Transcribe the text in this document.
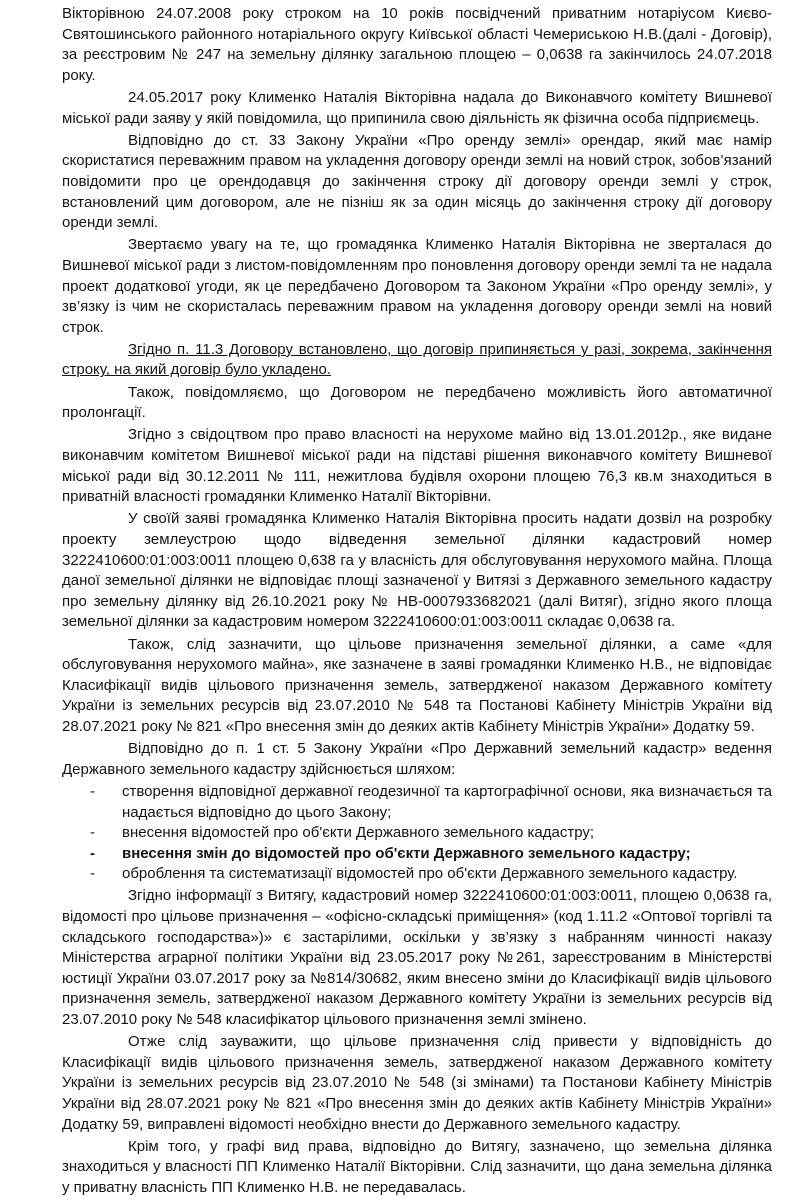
Вікторівною 24.07.2008 року строком на 10 років посвідчений приватним нотаріусом Києво-Святошинського районного нотаріального округу Київської області Чемериською Н.В.(далі - Договір), за реєстровим № 247 на земельну ділянку загальною площею – 0,0638 га закінчилось 24.07.2018 року.

24.05.2017 року Клименко Наталія Вікторівна надала до Виконавчого комітету Вишневої міської ради заяву у якій повідомила, що припинила свою діяльність як фізична особа підприємець.

Відповідно до ст. 33 Закону України «Про оренду землі» орендар, який має намір скористатися переважним правом на укладення договору оренди землі на новий строк, зобов’язаний повідомити про це орендодавця до закінчення строку дії договору оренди землі у строк, встановлений цим договором, але не пізніш як за один місяць до закінчення строку дії договору оренди землі.

Звертаємо увагу на те, що громадянка Клименко Наталія Вікторівна не зверталася до Вишневої міської ради з листом-повідомленням про поновлення договору оренди землі та не надала проект додаткової угоди, як це передбачено Договором та Законом України «Про оренду землі», у зв’язку із чим не скористалась переважним правом на укладення договору оренди землі на новий строк.

Згідно п. 11.3 Договору встановлено, що договір припиняється у разі, зокрема, закінчення строку, на який договір було укладено.

Також, повідомляємо, що Договором не передбачено можливість його автоматичної пролонгації.

Згідно з свідоцтвом про право власності на нерухоме майно від 13.01.2012р., яке видане виконавчим комітетом Вишневої міської ради на підставі рішення виконавчого комітету Вишневої міської ради від 30.12.2011 № 111, нежитлова будівля охорони площею 76,3 кв.м знаходиться в приватній власності громадянки Клименко Наталії Вікторівни.

У своїй заяві громадянка Клименко Наталія Вікторівна просить надати дозвіл на розробку проекту землеустрою щодо відведення земельної ділянки кадастровий номер 3222410600:01:003:0011 площею 0,638 га у власність для обслуговування нерухомого майна. Площа даної земельної ділянки не відповідає площі зазначеної у Витязі з Державного земельного кадастру про земельну ділянку від 26.10.2021 року № НВ-0007933682021 (далі Витяг), згідно якого площа земельної ділянки за кадастровим номером 3222410600:01:003:0011 складає 0,0638 га.

Також, слід зазначити, що цільове призначення земельної ділянки, а саме «для обслуговування нерухомого майна», яке зазначене в заяві громадянки Клименко Н.В., не відповідає Класифікації видів цільового призначення земель, затвердженої наказом Державного комітету України із земельних ресурсів від 23.07.2010 № 548 та Постанові Кабінету Міністрів України від 28.07.2021 року № 821 «Про внесення змін до деяких актів Кабінету Міністрів України» Додатку 59.

Відповідно до п. 1 ст. 5 Закону України «Про Державний земельний кадастр» ведення Державного земельного кадастру здійснюється шляхом:

- створення відповідної державної геодезичної та картографічної основи, яка визначається та надається відповідно до цього Закону;
- внесення відомостей про об'єкти Державного земельного кадастру;
- внесення змін до відомостей про об'єкти Державного земельного кадастру;
- оброблення та систематизації відомостей про об'єкти Державного земельного кадастру.

Згідно інформації з Витягу, кадастровий номер 3222410600:01:003:0011, площею 0,0638 га, відомості про цільове призначення – «офісно-складські приміщення» (код 1.11.2 «Оптової торгівлі та складського господарства»)» є застарілими, оскільки у зв’язку з набранням чинності наказу Міністерства аграрної політики України від 23.05.2017 року №261, зареєстрованим в Міністерстві юстиції України 03.07.2017 року за №814/30682, яким внесено зміни до Класифікації видів цільового призначення земель, затвердженої наказом Державного комітету України із земельних ресурсів від 23.07.2010 року № 548 класифікатор цільового призначення землі змінено.

Отже слід зауважити, що цільове призначення слід привести у відповідність до Класифікації видів цільового призначення земель, затвердженої наказом Державного комітету України із земельних ресурсів від 23.07.2010 № 548 (зі змінами) та Постанови Кабінету Міністрів України від 28.07.2021 року № 821 «Про внесення змін до деяких актів Кабінету Міністрів України» Додатку 59, виправлені відомості необхідно внести до Державного земельного кадастру.

Крім того, у графі вид права, відповідно до Витягу, зазначено, що земельна ділянка знаходиться у власності ПП Клименко Наталії Вікторівни. Слід зазначити, що дана земельна ділянка у приватну власність ПП Клименко Н.В. не передавалась.
